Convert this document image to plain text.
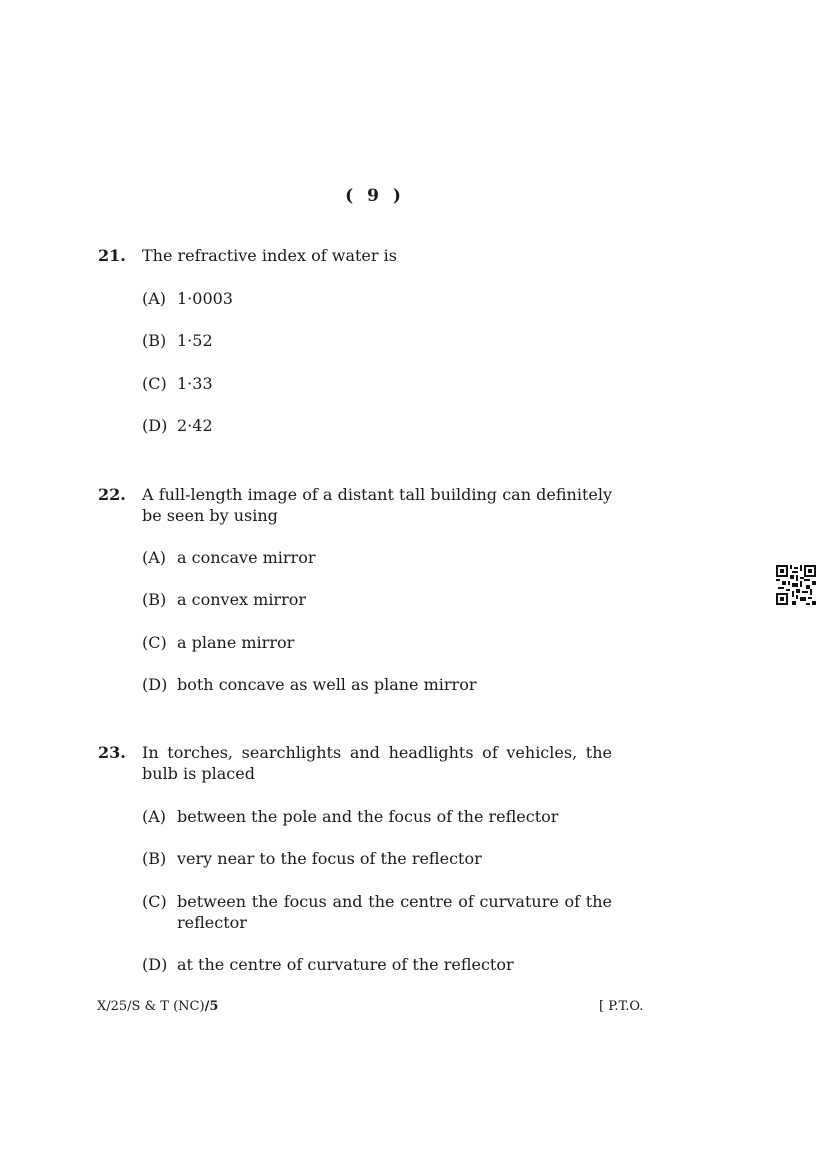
( 9 )
21. The refractive index of water is
(A) 1·0003
(B) 1·52
(C) 1·33
(D) 2·42
22. A full-length image of a distant tall building can definitely be seen by using
(A) a concave mirror
(B) a convex mirror
(C) a plane mirror
(D) both concave as well as plane mirror
23. In torches, searchlights and headlights of vehicles, the bulb is placed
(A) between the pole and the focus of the reflector
(B) very near to the focus of the reflector
(C) between the focus and the centre of curvature of the reflector
(D) at the centre of curvature of the reflector
X/25/S & T (NC)/5	[ P.T.O.
